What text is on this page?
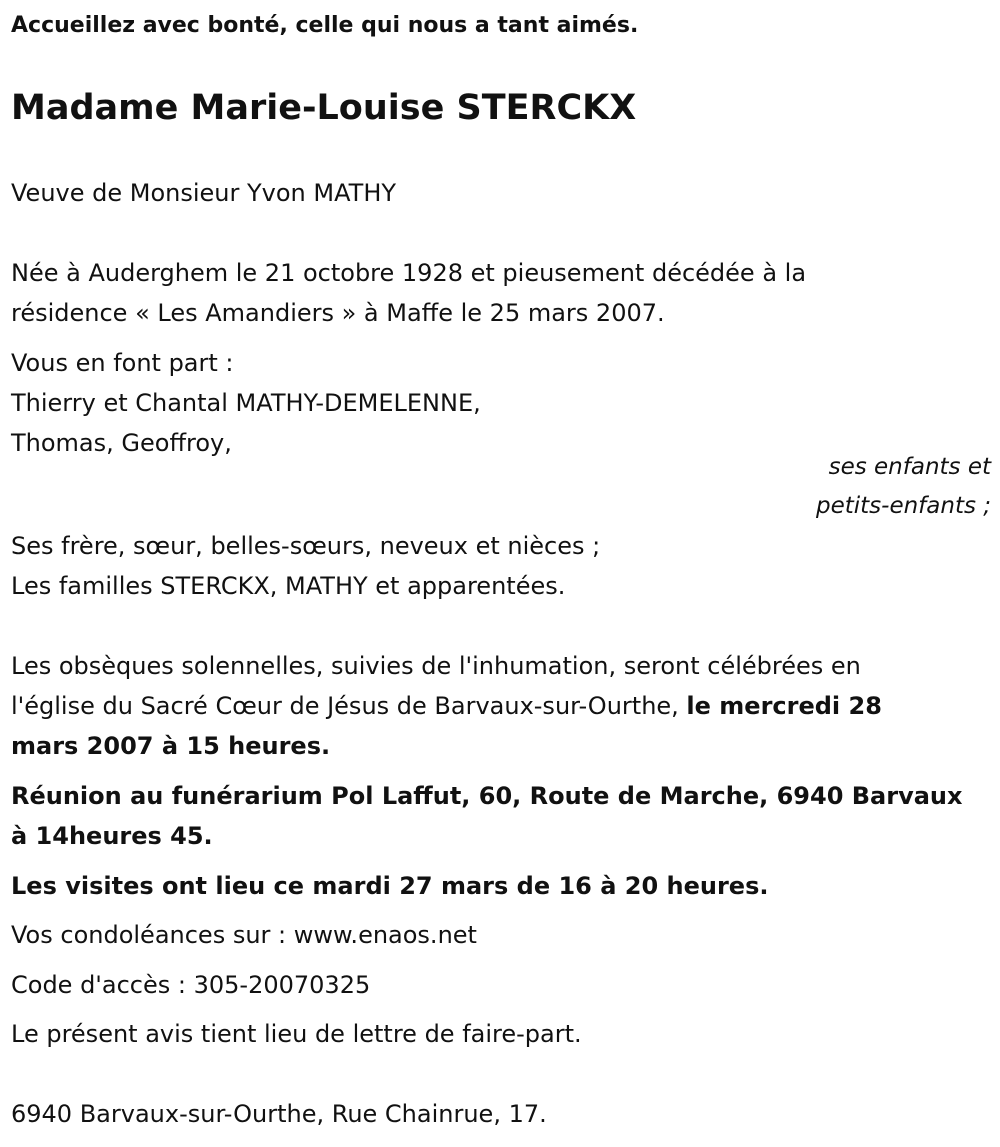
Accueillez avec bonté, celle qui nous a tant aimés.
Madame Marie-Louise STERCKX
Veuve de Monsieur Yvon MATHY
Née à Auderghem le 21 octobre 1928 et pieusement décédée à la
résidence « Les Amandiers » à Maffe le 25 mars 2007.
Vous en font part :
Thierry et Chantal MATHY-DEMELENNE,
Thomas, Geoffroy,
ses enfants et
petits-enfants ;
Ses frère, sœur, belles-sœurs, neveux et nièces ;
Les familles STERCKX, MATHY et apparentées.
Les obsèques solennelles, suivies de l'inhumation, seront célébrées en
l'église du Sacré Cœur de Jésus de Barvaux-sur-Ourthe, le mercredi 28
mars 2007 à 15 heures.
Réunion au funérarium Pol Laffut, 60, Route de Marche, 6940 Barvaux
à 14heures 45.
Les visites ont lieu ce mardi 27 mars de 16 à 20 heures.
Vos condoléances sur : www.enaos.net
Code d'accès : 305-20070325
Le présent avis tient lieu de lettre de faire-part.
6940 Barvaux-sur-Ourthe, Rue Chainrue, 17.
